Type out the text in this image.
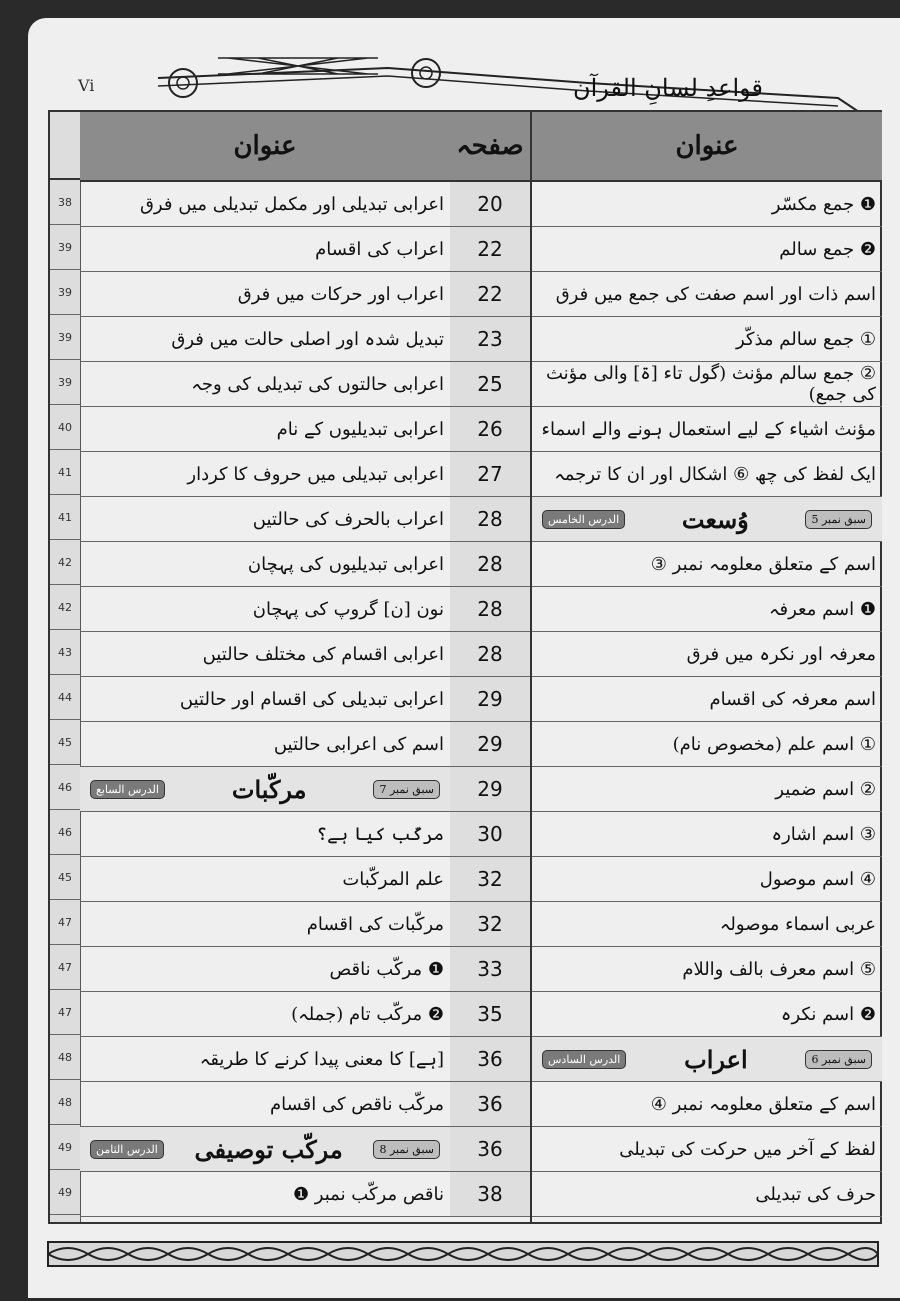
Vi	قواعدِ لسانِ القرآن
38
39
39
39
39
40
41
41
42
42
43
44
45
46
46
45
47
47
47
48
48
49
49
عنوان
اعرابی تبدیلی اور مکمل تبدیلی میں فرق
اعراب کی اقسام
اعراب اور حرکات میں فرق
تبدیل شدہ اور اصلی حالت میں فرق
اعرابی حالتوں کی تبدیلی کی وجہ
اعرابی تبدیلیوں کے نام
اعرابی تبدیلی میں حروف کا کردار
اعراب بالحرف کی حالتیں
اعرابی تبدیلیوں کی پہچان
نون [ن] گروپ کی پہچان
اعرابی اقسام کی مختلف حالتیں
اعرابی تبدیلی کی اقسام اور حالتیں
اسم کی اعرابی حالتیں
سبق نمبر 7
مرکّبات
الدرس السابع
مرکّب کیا ہے؟
علم المرکّبات
مرکّبات کی اقسام
❶ مرکّب ناقص
❷ مرکّب تام (جملہ)
[ہے] کا معنی پیدا کرنے کا طریقہ
مرکّب ناقص کی اقسام
سبق نمبر 8
مرکّب توصیفی
الدرس الثامن
ناقص مرکّب نمبر ❶
صفحہ
20
22
22
23
25
26
27
28
28
28
28
29
29
29
30
32
32
33
35
36
36
36
38
عنوان
❶ جمع مکسّر
❷ جمع سالم
اسم ذات اور اسم صفت کی جمع میں فرق
① جمع سالم مذکّر
② جمع سالم مؤنث (گول تاء [ۃ] والی مؤنث کی جمع)
مؤنث اشیاء کے لیے استعمال ہونے والے اسماء
ایک لفظ کی چھ ⑥ اشکال اور ان کا ترجمہ
سبق نمبر 5
وُسعت
الدرس الخامس
اسم کے متعلق معلومہ نمبر ③
❶ اسم معرفہ
معرفہ اور نکرہ میں فرق
اسم معرفہ کی اقسام
① اسم علم (مخصوص نام)
② اسم ضمیر
③ اسم اشارہ
④ اسم موصول
عربی اسماء موصولہ
⑤ اسم معرف بالف واللام
❷ اسم نکرہ
سبق نمبر 6
اعراب
الدرس السادس
اسم کے متعلق معلومہ نمبر ④
لفظ کے آخر میں حرکت کی تبدیلی
حرف کی تبدیلی
